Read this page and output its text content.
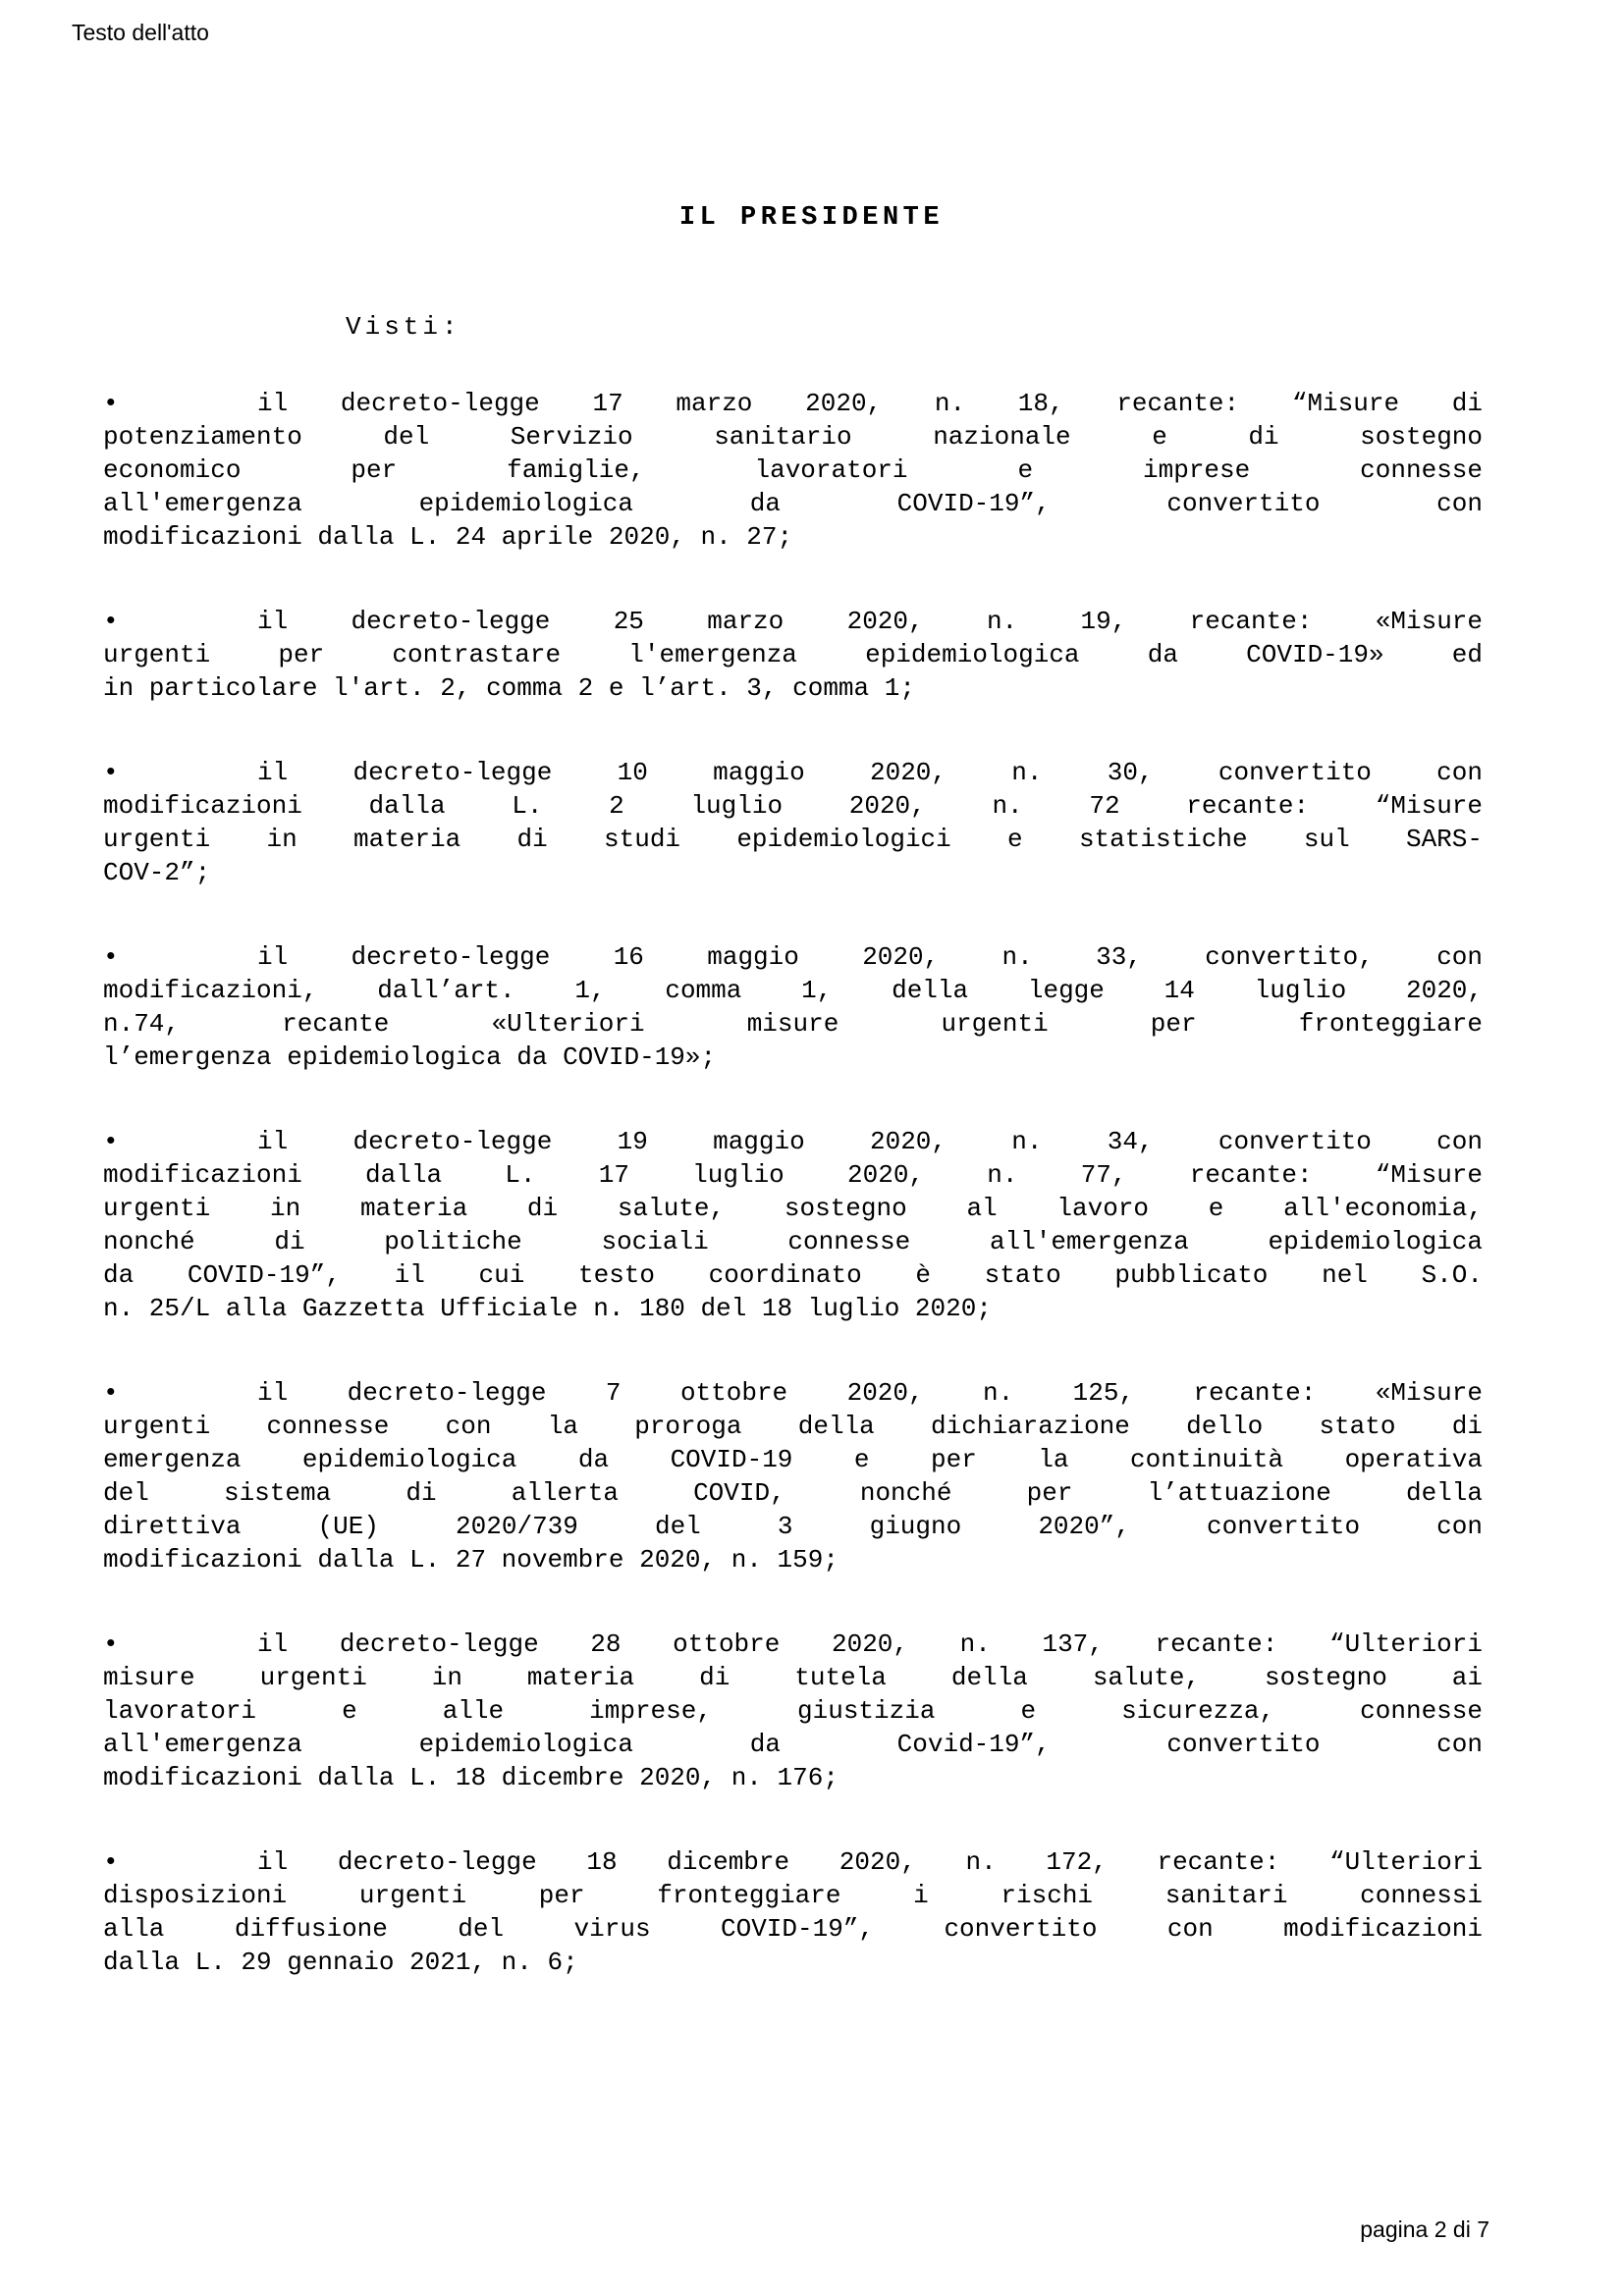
Testo dell'atto
IL PRESIDENTE
Visti:
•	il decreto-legge 17 marzo 2020, n. 18, recante: “Misure di
potenziamento del Servizio sanitario nazionale e di sostegno
economico per famiglie, lavoratori e imprese connesse
all'emergenza epidemiologica da COVID-19”, convertito con
modificazioni dalla L. 24 aprile 2020, n. 27;
•	il decreto-legge 25 marzo 2020, n. 19, recante: «Misure
urgenti per contrastare l'emergenza epidemiologica da COVID-19» ed
in particolare l'art. 2, comma 2 e l’art. 3, comma 1;
•	il decreto-legge 10 maggio 2020, n. 30, convertito con
modificazioni dalla L. 2 luglio 2020, n. 72 recante: “Misure
urgenti in materia di studi epidemiologici e statistiche sul SARS-
COV-2”;
•	il decreto-legge 16 maggio 2020, n. 33, convertito, con
modificazioni, dall’art. 1, comma 1, della legge 14 luglio 2020,
n.74, recante «Ulteriori misure urgenti per fronteggiare
l’emergenza epidemiologica da COVID-19»;
•	il decreto-legge 19 maggio 2020, n. 34, convertito con
modificazioni dalla L. 17 luglio 2020, n. 77, recante: “Misure
urgenti in materia di salute, sostegno al lavoro e all'economia,
nonché di politiche sociali connesse all'emergenza epidemiologica
da COVID-19”, il cui testo coordinato è stato pubblicato nel S.O.
n. 25/L alla Gazzetta Ufficiale n. 180 del 18 luglio 2020;
•	il decreto-legge 7 ottobre 2020, n. 125, recante: «Misure
urgenti connesse con la proroga della dichiarazione dello stato di
emergenza epidemiologica da COVID-19 e per la continuità operativa
del sistema di allerta COVID, nonché per l’attuazione della
direttiva (UE) 2020/739 del 3 giugno 2020”, convertito con
modificazioni dalla L. 27 novembre 2020, n. 159;
•	il decreto-legge 28 ottobre 2020, n. 137, recante: “Ulteriori
misure urgenti in materia di tutela della salute, sostegno ai
lavoratori e alle imprese, giustizia e sicurezza, connesse
all'emergenza epidemiologica da Covid-19”, convertito con
modificazioni dalla L. 18 dicembre 2020, n. 176;
•	il decreto-legge 18 dicembre 2020, n. 172, recante: “Ulteriori
disposizioni urgenti per fronteggiare i rischi sanitari connessi
alla diffusione del virus COVID-19”, convertito con modificazioni
dalla L. 29 gennaio 2021, n. 6;
pagina 2 di 7
